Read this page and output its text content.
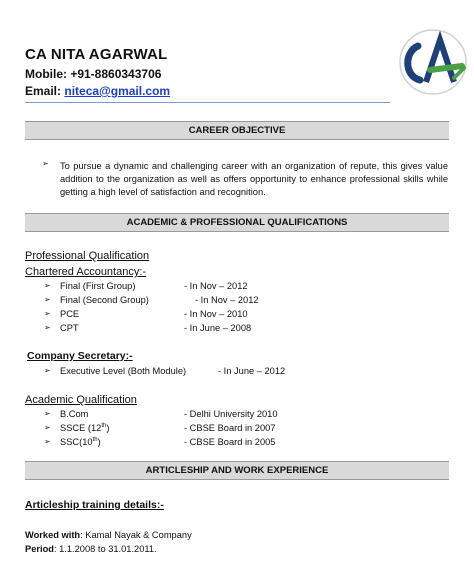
CA NITA AGARWAL
Mobile: +91-8860343706
Email: niteca@gmail.com
CAREER OBJECTIVE
➢ To pursue a dynamic and challenging career with an organization of repute, this gives value addition to the organization as well as offers opportunity to enhance professional skills while getting a high level of satisfaction and recognition.
ACADEMIC & PROFESSIONAL QUALIFICATIONS
Professional Qualification
Chartered Accountancy:-
➢ Final (First Group)	- In Nov – 2012
➢ Final (Second Group)	- In Nov – 2012
➢ PCE	- In Nov – 2010
➢ CPT	- In June – 2008
Company Secretary:-
➢ Executive Level (Both Module)	- In June – 2012
Academic Qualification
➢ B.Com	- Delhi University 2010
➢ SSCE (12th)	- CBSE Board in 2007
➢ SSC(10th)	- CBSE Board in 2005
ARTICLESHIP AND WORK EXPERIENCE
Articleship training details:-
Worked with: Kamal Nayak & Company
Period: 1.1.2008 to 31.01.2011.
